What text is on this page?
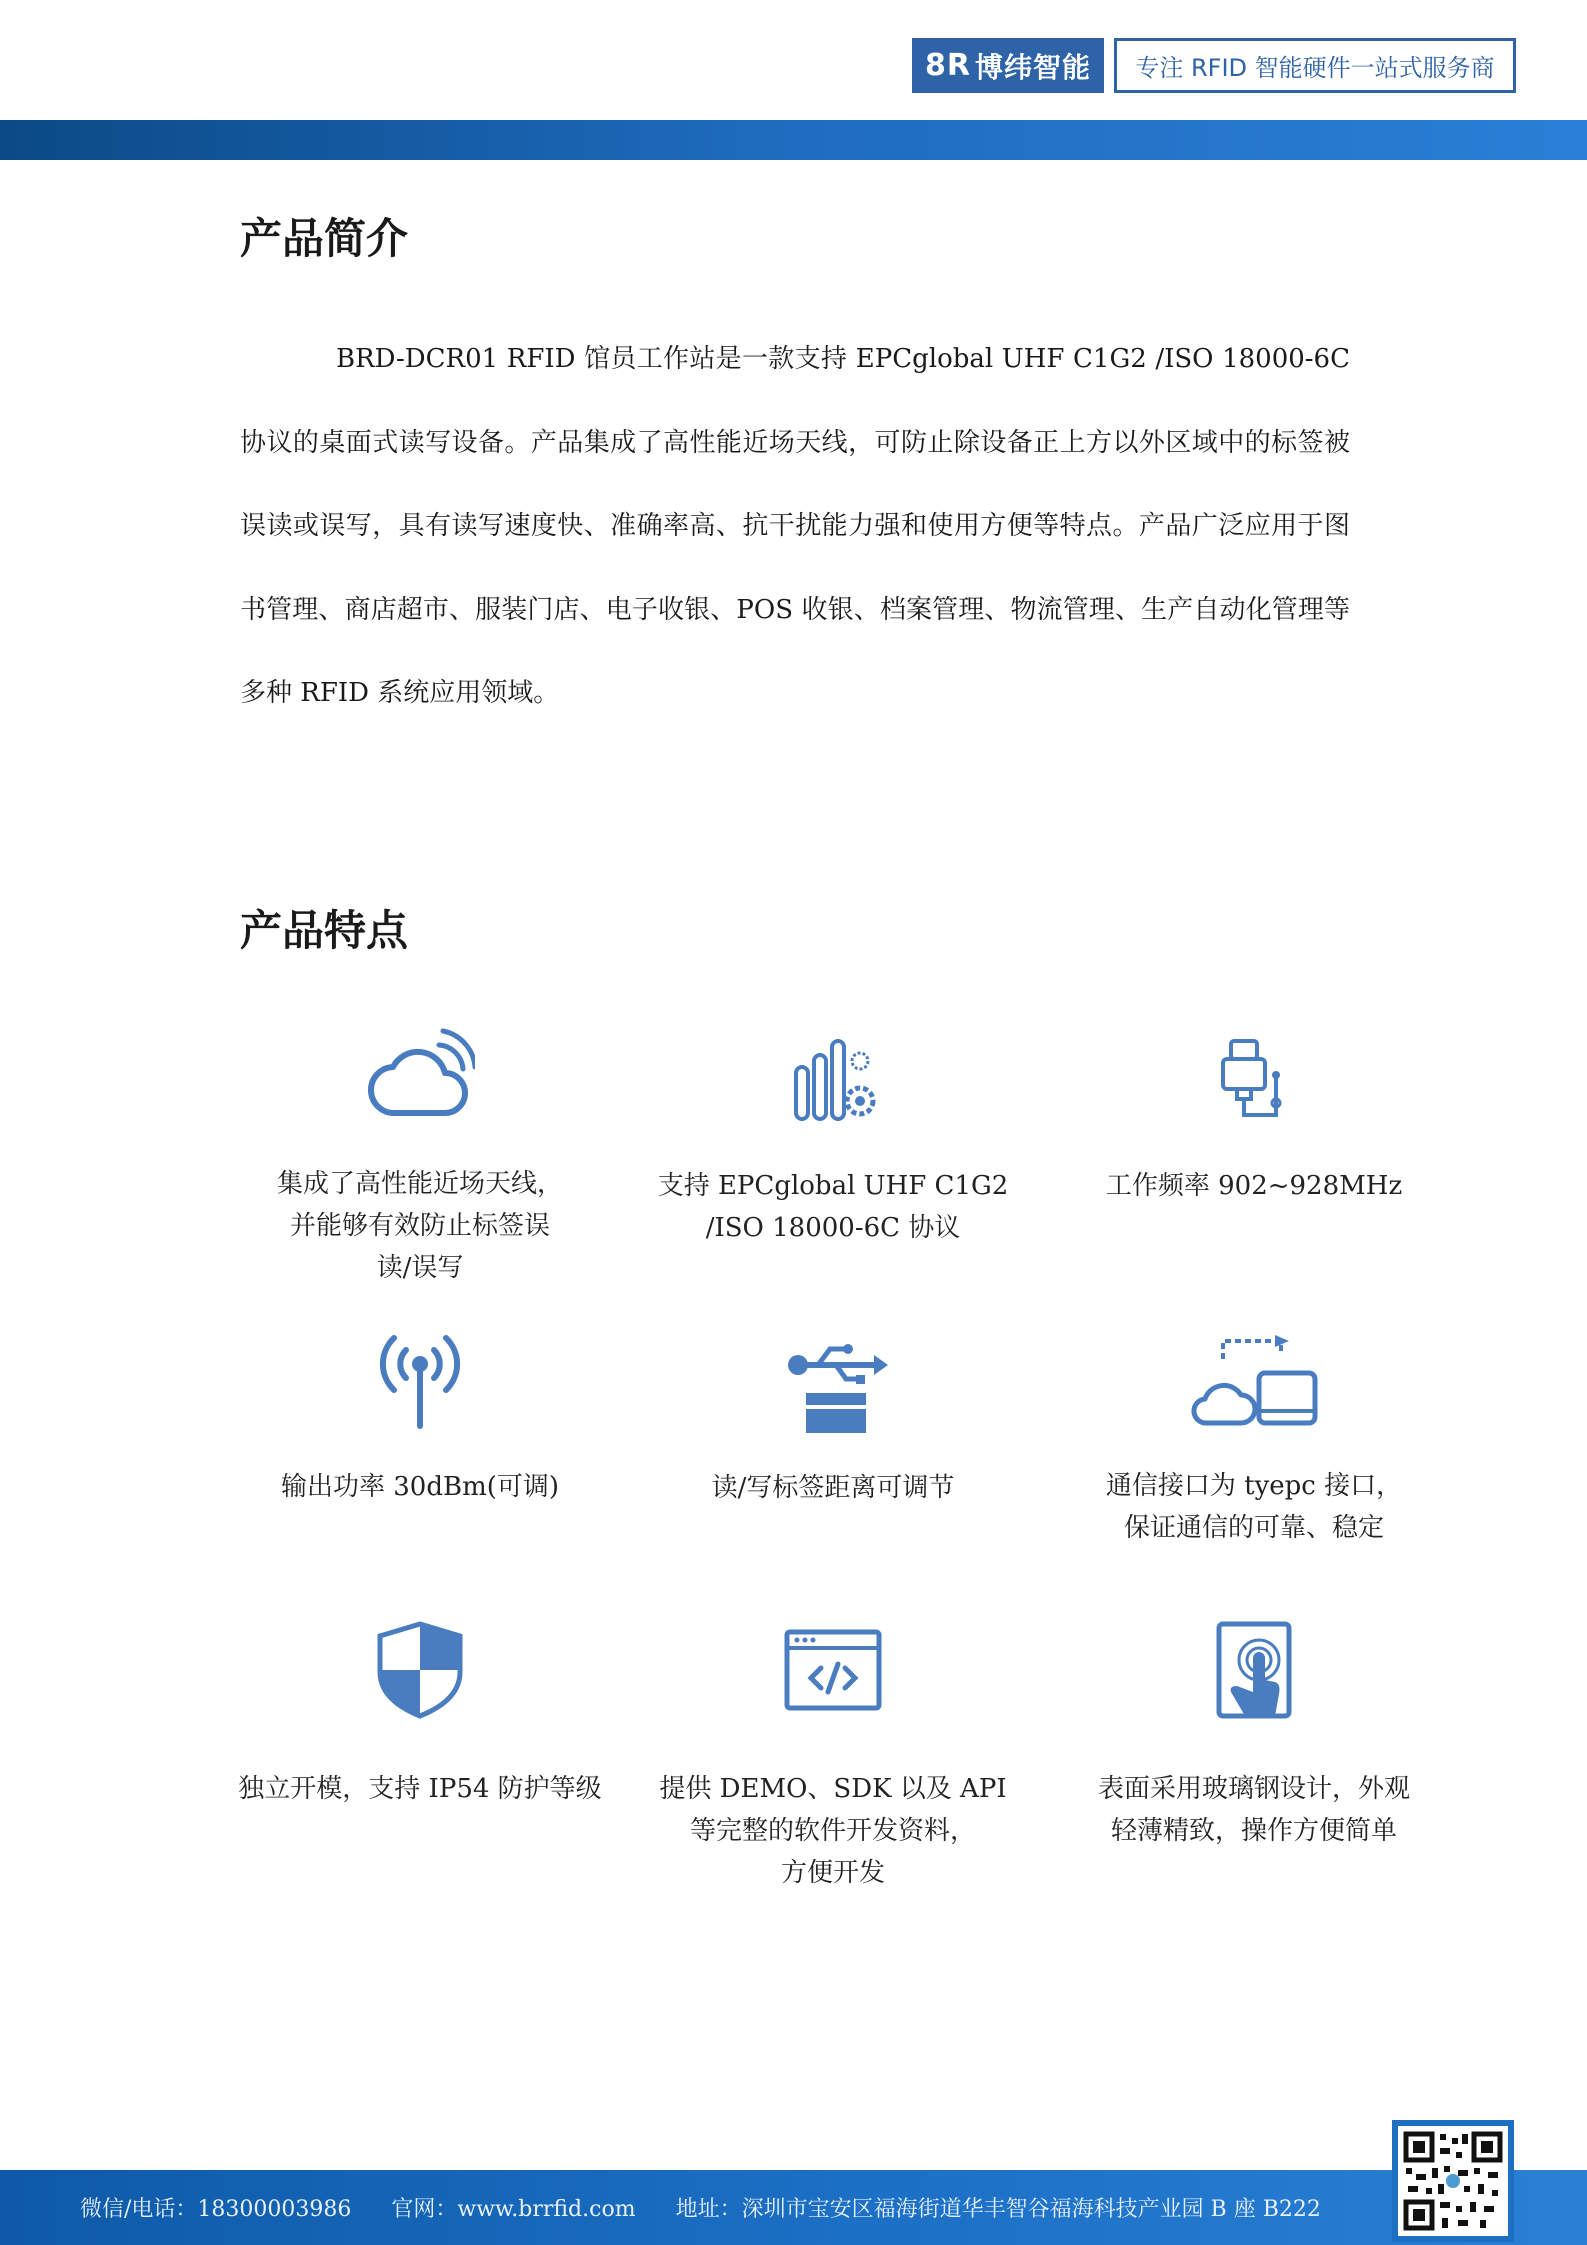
8R 博纬智能 专注 RFID 智能硬件一站式服务商
产品简介

BRD-DCR01 RFID 馆员工作站是一款支持 EPCglobal UHF C1G2 /ISO 18000-6C 协议的桌面式读写设备。产品集成了高性能近场天线，可防止除设备正上方以外区域中的标签被误读或误写，具有读写速度快、准确率高、抗干扰能力强和使用方便等特点。产品广泛应用于图书管理、商店超市、服装门店、电子收银、POS 收银、档案管理、物流管理、生产自动化管理等多种 RFID 系统应用领域。

产品特点
集成了高性能近场天线，
并能够有效防止标签误
读/误写
支持 EPCglobal UHF C1G2
/ISO 18000-6C 协议
工作频率 902~928MHz
输出功率 30dBm(可调)	读/写标签距离可调节	通信接口为 tyepc 接口，
保证通信的可靠、稳定
独立开模，支持 IP54 防护等级	提供 DEMO、SDK 以及 API
等完整的软件开发资料，
方便开发
表面采用玻璃钢设计，外观
轻薄精致，操作方便简单
微信/电话：18300003986 官网：www.brrfid.com 地址：深圳市宝安区福海街道华丰智谷福海科技产业园 B 座 B222
